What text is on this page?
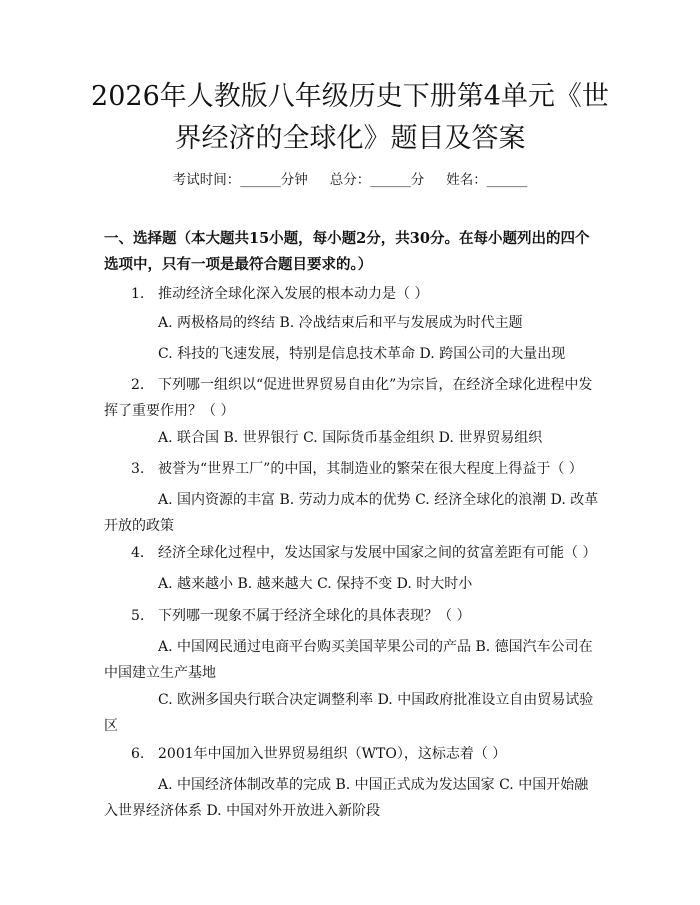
2026年人教版八年级历史下册第4单元《世界经济的全球化》题目及答案
考试时间：______分钟 总分：______分 姓名：______

一、选择题（本大题共15小题，每小题2分，共30分。在每小题列出的四个选项中，只有一项是最符合题目要求的。）

1. 推动经济全球化深入发展的根本动力是（ ）

A. 两极格局的终结 B. 冷战结束后和平与发展成为时代主题

C. 科技的飞速发展，特别是信息技术革命 D. 跨国公司的大量出现

2. 下列哪一组织以“促进世界贸易自由化”为宗旨，在经济全球化进程中发挥了重要作用？（ ）

A. 联合国 B. 世界银行 C. 国际货币基金组织 D. 世界贸易组织

3. 被誉为“世界工厂”的中国，其制造业的繁荣在很大程度上得益于（ ）

A. 国内资源的丰富 B. 劳动力成本的优势 C. 经济全球化的浪潮 D. 改革开放的政策

4. 经济全球化过程中，发达国家与发展中国家之间的贫富差距有可能（ ）

A. 越来越小 B. 越来越大 C. 保持不变 D. 时大时小

5. 下列哪一现象不属于经济全球化的具体表现？（ ）

A. 中国网民通过电商平台购买美国苹果公司的产品 B. 德国汽车公司在中国建立生产基地

C. 欧洲多国央行联合决定调整利率 D. 中国政府批准设立自由贸易试验区

6. 2001年中国加入世界贸易组织（WTO），这标志着（ ）

A. 中国经济体制改革的完成 B. 中国正式成为发达国家 C. 中国开始融入世界经济体系 D. 中国对外开放进入新阶段
